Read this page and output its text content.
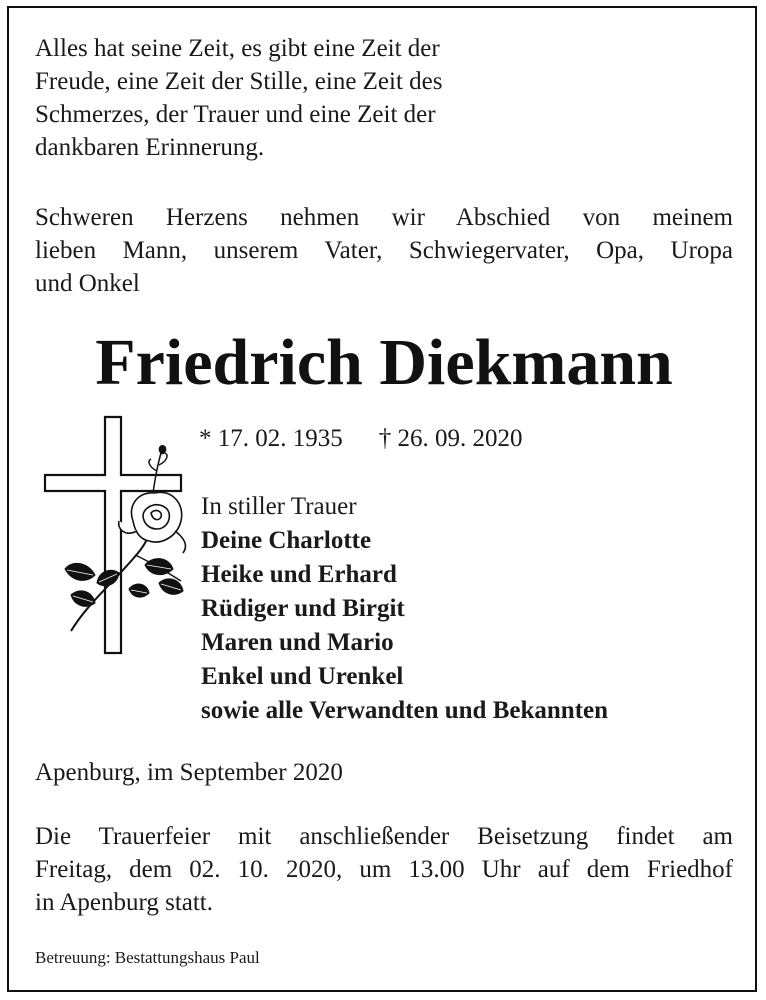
Alles hat seine Zeit, es gibt eine Zeit der
Freude, eine Zeit der Stille, eine Zeit des
Schmerzes, der Trauer und eine Zeit der
dankbaren Erinnerung.
Schweren Herzens nehmen wir Abschied von meinem
lieben Mann, unserem Vater, Schwiegervater, Opa, Uropa
und Onkel
Friedrich Diekmann
* 17. 02. 1935 † 26. 09. 2020
In stiller Trauer
Deine Charlotte
Heike und Erhard
Rüdiger und Birgit
Maren und Mario
Enkel und Urenkel
sowie alle Verwandten und Bekannten
Apenburg, im September 2020
Die Trauerfeier mit anschließender Beisetzung findet am
Freitag, dem 02. 10. 2020, um 13.00 Uhr auf dem Friedhof
in Apenburg statt.
Betreuung: Bestattungshaus Paul
